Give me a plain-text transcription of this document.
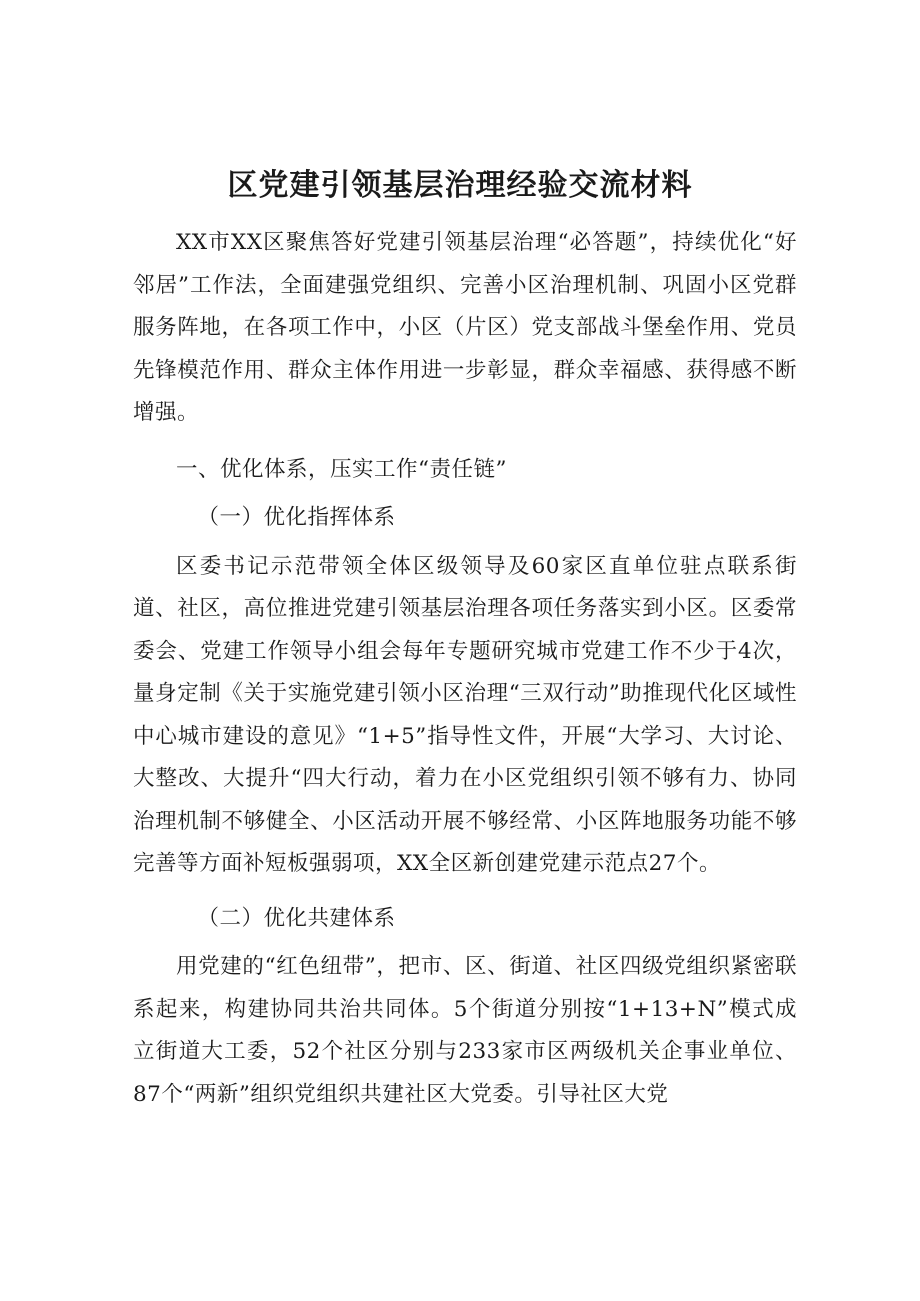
区党建引领基层治理经验交流材料

XX市XX区聚焦答好党建引领基层治理“必答题”，持续优化“好邻居”工作法，全面建强党组织、完善小区治理机制、巩固小区党群服务阵地，在各项工作中，小区（片区）党支部战斗堡垒作用、党员先锋模范作用、群众主体作用进一步彰显，群众幸福感、获得感不断增强。

一、优化体系，压实工作“责任链”

（一）优化指挥体系

区委书记示范带领全体区级领导及60家区直单位驻点联系街道、社区，高位推进党建引领基层治理各项任务落实到小区。区委常委会、党建工作领导小组会每年专题研究城市党建工作不少于4次，量身定制《关于实施党建引领小区治理“三双行动”助推现代化区域性中心城市建设的意见》“1+5”指导性文件，开展“大学习、大讨论、大整改、大提升“四大行动，着力在小区党组织引领不够有力、协同治理机制不够健全、小区活动开展不够经常、小区阵地服务功能不够完善等方面补短板强弱项，XX全区新创建党建示范点27个。

（二）优化共建体系

用党建的“红色纽带”，把市、区、街道、社区四级党组织紧密联系起来，构建协同共治共同体。5个街道分别按“1+13+N”模式成立街道大工委，52个社区分别与233家市区两级机关企事业单位、87个“两新”组织党组织共建社区大党委。引导社区大党
